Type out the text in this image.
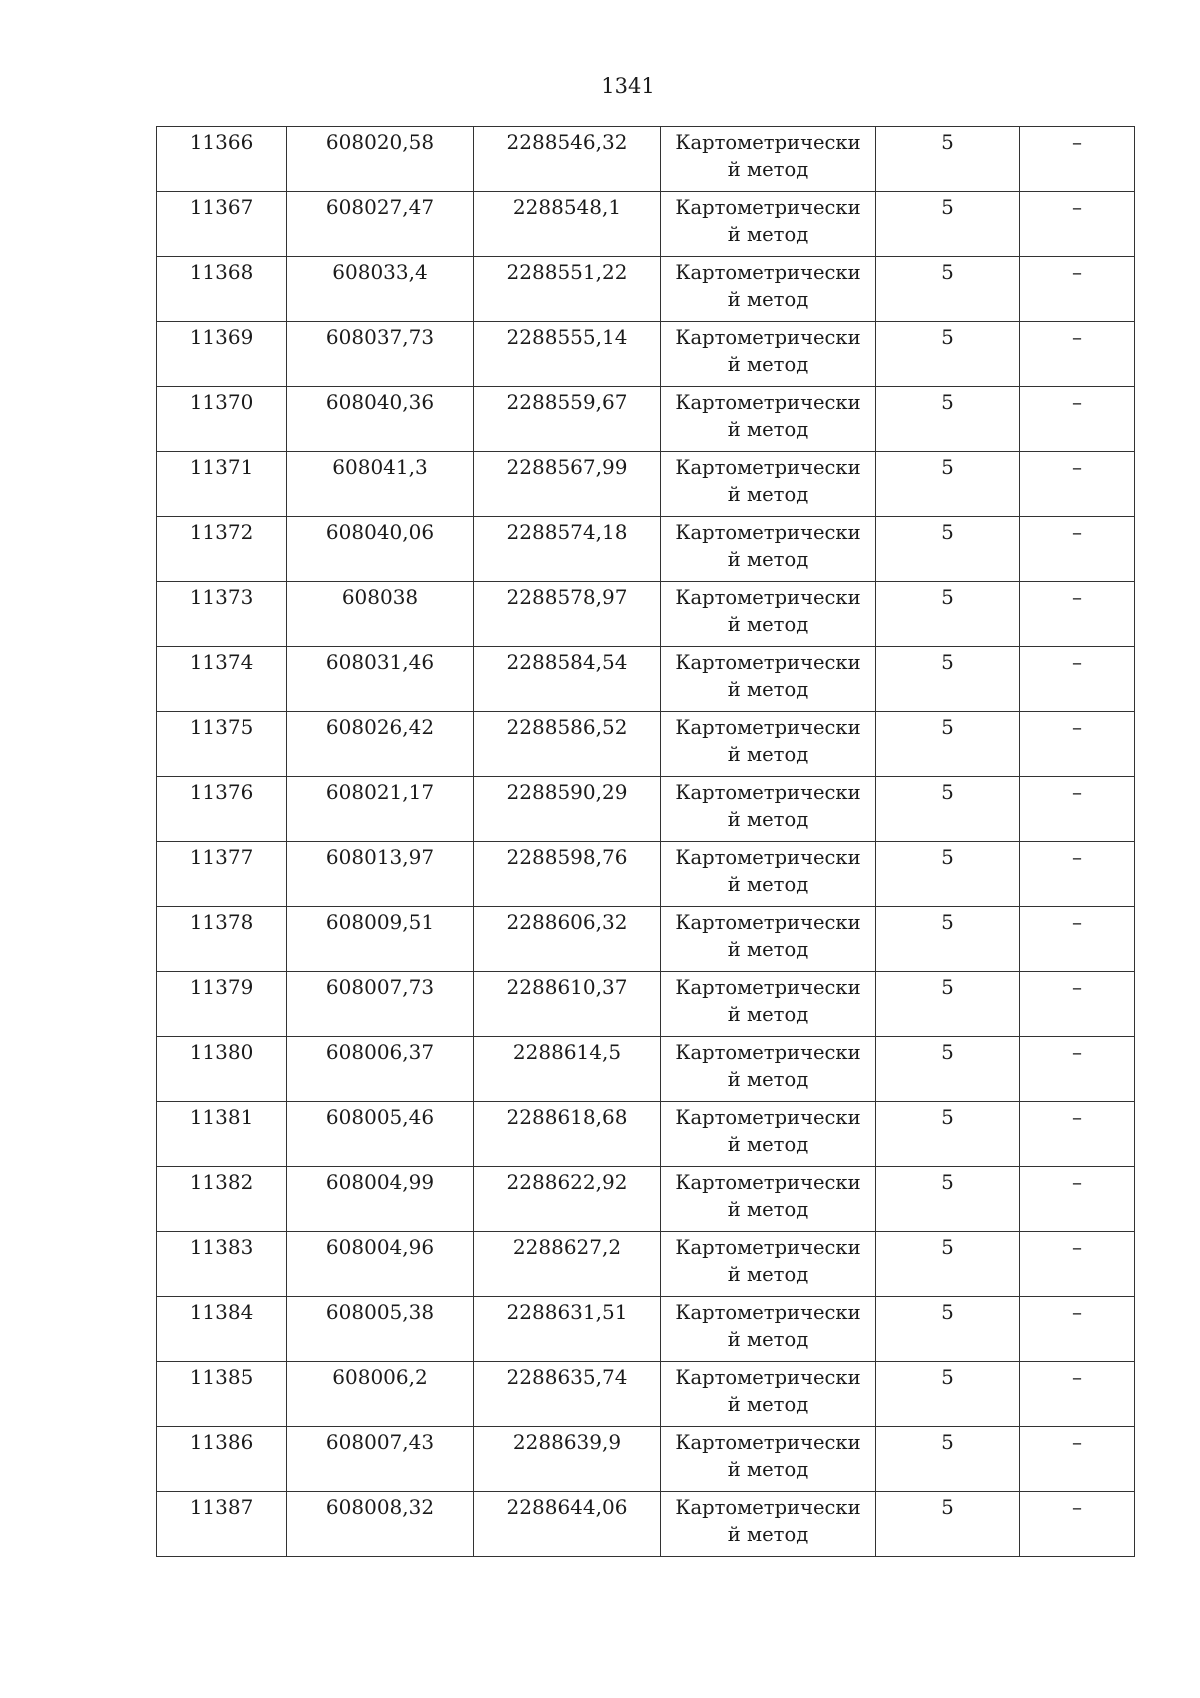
1341
11366	608020,58	2288546,32	Картометрический метод	5	–
11367	608027,47	2288548,1	Картометрический метод	5	–
11368	608033,4	2288551,22	Картометрический метод	5	–
11369	608037,73	2288555,14	Картометрический метод	5	–
11370	608040,36	2288559,67	Картометрический метод	5	–
11371	608041,3	2288567,99	Картометрический метод	5	–
11372	608040,06	2288574,18	Картометрический метод	5	–
11373	608038	2288578,97	Картометрический метод	5	–
11374	608031,46	2288584,54	Картометрический метод	5	–
11375	608026,42	2288586,52	Картометрический метод	5	–
11376	608021,17	2288590,29	Картометрический метод	5	–
11377	608013,97	2288598,76	Картометрический метод	5	–
11378	608009,51	2288606,32	Картометрический метод	5	–
11379	608007,73	2288610,37	Картометрический метод	5	–
11380	608006,37	2288614,5	Картометрический метод	5	–
11381	608005,46	2288618,68	Картометрический метод	5	–
11382	608004,99	2288622,92	Картометрический метод	5	–
11383	608004,96	2288627,2	Картометрический метод	5	–
11384	608005,38	2288631,51	Картометрический метод	5	–
11385	608006,2	2288635,74	Картометрический метод	5	–
11386	608007,43	2288639,9	Картометрический метод	5	–
11387	608008,32	2288644,06	Картометрический метод	5	–
